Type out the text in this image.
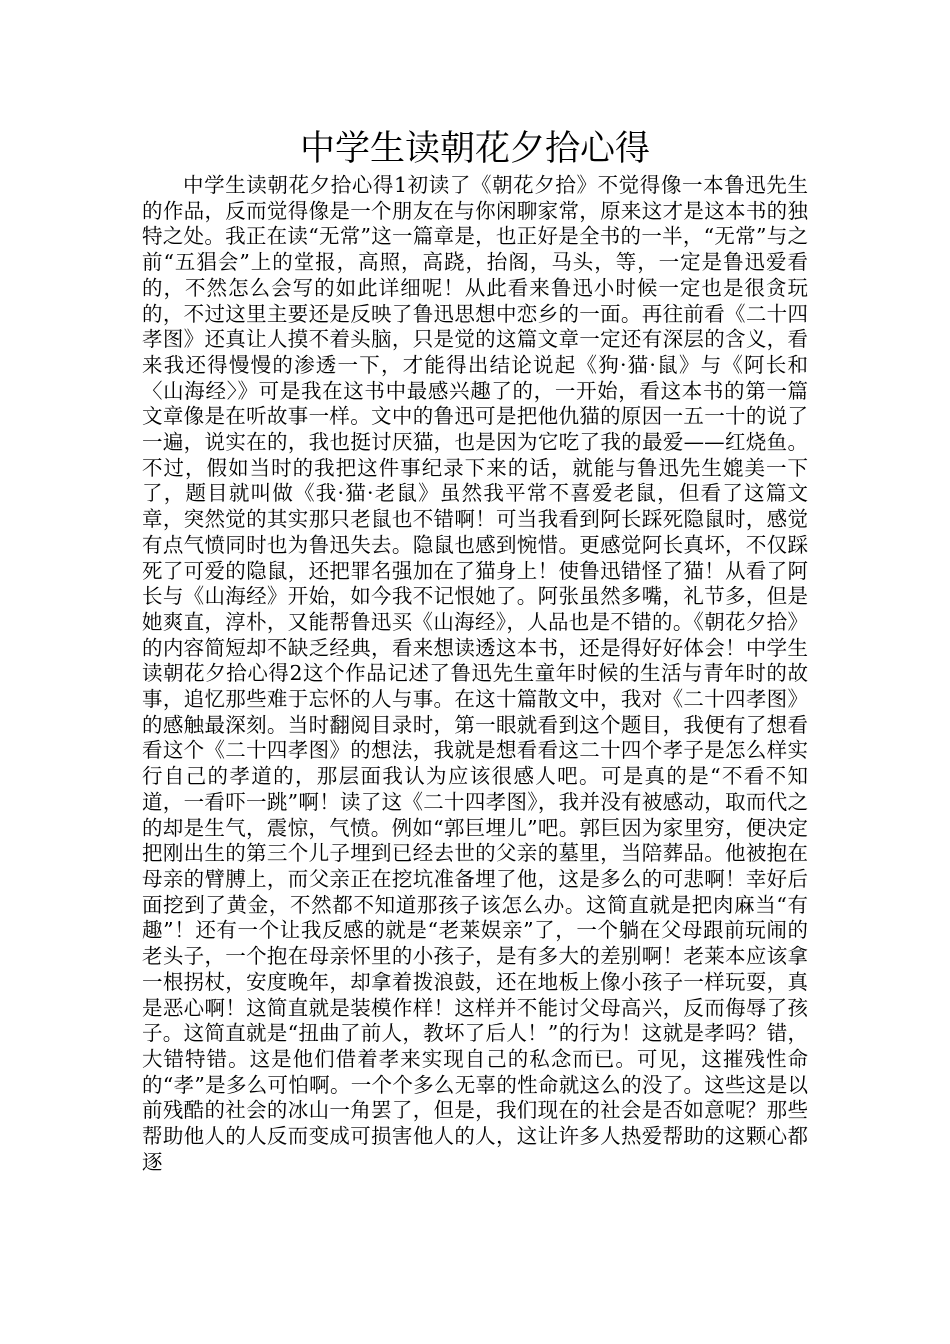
中学生读朝花夕拾心得

中学生读朝花夕拾心得1初读了《朝花夕拾》不觉得像一本鲁迅先生的作品，反而觉得像是一个朋友在与你闲聊家常，原来这才是这本书的独特之处。我正在读“无常”这一篇章是，也正好是全书的一半，“无常”与之前“五猖会”上的堂报，高照，高跷，抬阁，马头，等，一定是鲁迅爱看的，不然怎么会写的如此详细呢！从此看来鲁迅小时候一定也是很贪玩的，不过这里主要还是反映了鲁迅思想中恋乡的一面。再往前看《二十四孝图》还真让人摸不着头脑，只是觉的这篇文章一定还有深层的含义，看来我还得慢慢的渗透一下，才能得出结论说起《狗·猫·鼠》与《阿长和〈山海经〉》可是我在这书中最感兴趣了的，一开始，看这本书的第一篇文章像是在听故事一样。文中的鲁迅可是把他仇猫的原因一五一十的说了一遍，说实在的，我也挺讨厌猫，也是因为它吃了我的最爱——红烧鱼。不过，假如当时的我把这件事纪录下来的话，就能与鲁迅先生媲美一下了，题目就叫做《我·猫·老鼠》虽然我平常不喜爱老鼠，但看了这篇文章，突然觉的其实那只老鼠也不错啊！可当我看到阿长踩死隐鼠时，感觉有点气愤同时也为鲁迅失去。隐鼠也感到惋惜。更感觉阿长真坏，不仅踩死了可爱的隐鼠，还把罪名强加在了猫身上！使鲁迅错怪了猫！从看了阿长与《山海经》开始，如今我不记恨她了。阿张虽然多嘴，礼节多，但是她爽直，淳朴，又能帮鲁迅买《山海经》，人品也是不错的。《朝花夕拾》的内容简短却不缺乏经典，看来想读透这本书，还是得好好体会！中学生读朝花夕拾心得2这个作品记述了鲁迅先生童年时候的生活与青年时的故事，追忆那些难于忘怀的人与事。在这十篇散文中，我对《二十四孝图》的感触最深刻。当时翻阅目录时，第一眼就看到这个题目，我便有了想看看这个《二十四孝图》的想法，我就是想看看这二十四个孝子是怎么样实行自己的孝道的，那层面我认为应该很感人吧。可是真的是“不看不知道，一看吓一跳”啊！读了这《二十四孝图》，我并没有被感动，取而代之的却是生气，震惊，气愤。例如“郭巨埋儿”吧。郭巨因为家里穷，便决定把刚出生的第三个儿子埋到已经去世的父亲的墓里，当陪葬品。他被抱在母亲的臂膊上，而父亲正在挖坑准备埋了他，这是多么的可悲啊！幸好后面挖到了黄金，不然都不知道那孩子该怎么办。这简直就是把肉麻当“有趣”！还有一个让我反感的就是“老莱娱亲”了，一个躺在父母跟前玩闹的老头子，一个抱在母亲怀里的小孩子，是有多大的差别啊！老莱本应该拿一根拐杖，安度晚年，却拿着拨浪鼓，还在地板上像小孩子一样玩耍，真是恶心啊！这简直就是装模作样！这样并不能讨父母高兴，反而侮辱了孩子。这简直就是“扭曲了前人，教坏了后人！”的行为！这就是孝吗？错，大错特错。这是他们借着孝来实现自己的私念而已。可见，这摧残性命的“孝”是多么可怕啊。一个个多么无辜的性命就这么的没了。这些这是以前残酷的社会的冰山一角罢了，但是，我们现在的社会是否如意呢？那些帮助他人的人反而变成可损害他人的人，这让许多人热爱帮助的这颗心都逐
